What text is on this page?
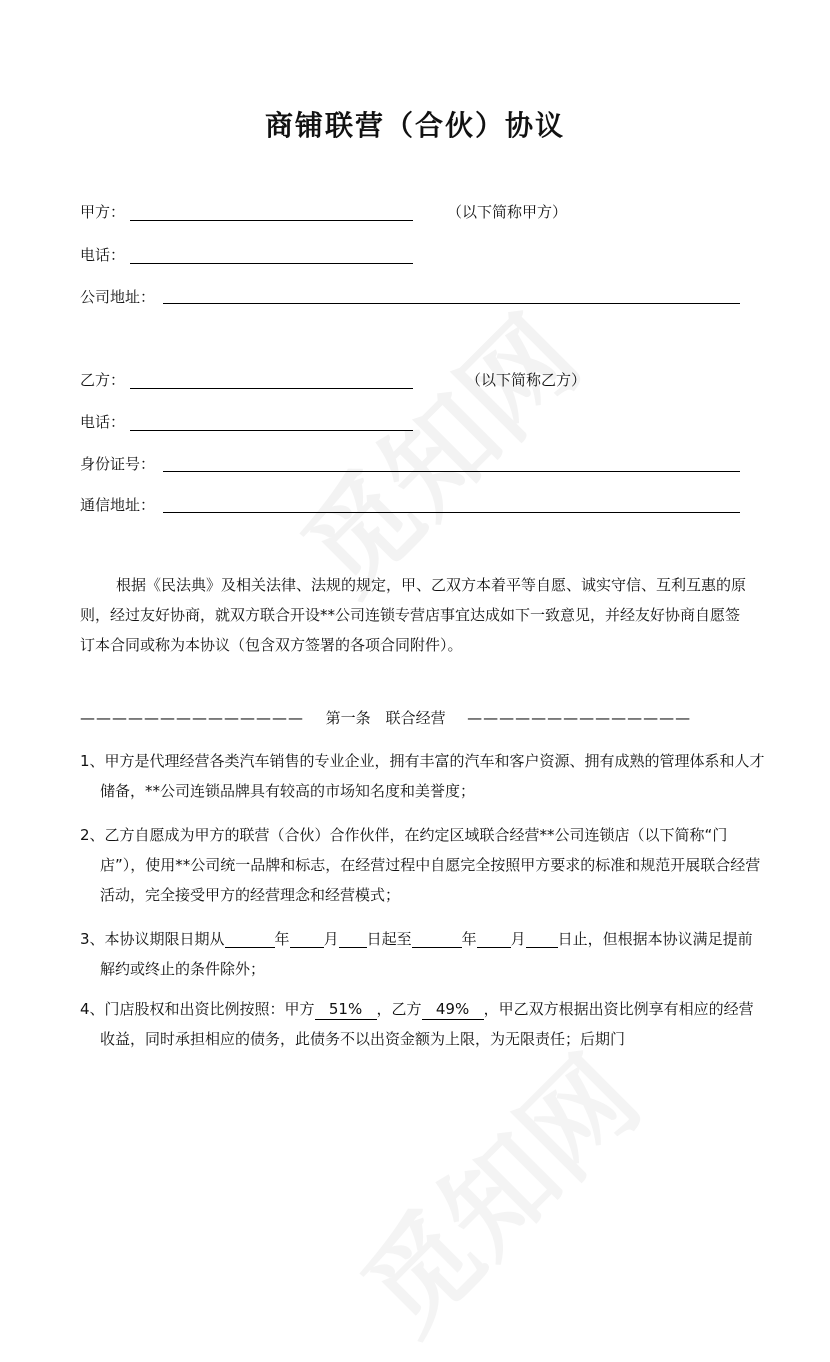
商铺联营（合伙）协议
甲方：	（以下简称甲方）
电话：
公司地址：
乙方：	（以下简称乙方）
电话：
身份证号：
通信地址：
根据《民法典》及相关法律、法规的规定，甲、乙双方本着平等自愿、诚实守信、互利互惠的原则，经过友好协商，就双方联合开设**公司连锁专营店事宜达成如下一致意见，并经友好协商自愿签订本合同或称为本协议（包含双方签署的各项合同附件）。
—————————————— 第一条　联合经营 ——————————————
1、甲方是代理经营各类汽车销售的专业企业，拥有丰富的汽车和客户资源、拥有成熟的管理体系和人才储备，**公司连锁品牌具有较高的市场知名度和美誉度；
2、乙方自愿成为甲方的联营（合伙）合作伙伴，在约定区域联合经营**公司连锁店（以下简称“门店”），使用**公司统一品牌和标志，在经营过程中自愿完全按照甲方要求的标准和规范开展联合经营活动，完全接受甲方的经营理念和经营模式；
3、本协议期限日期从	年 月 日起至	年 月 日止，但根据本协议满足提前解约或终止的条件除外；
4、门店股权和出资比例按照：甲方 51% ，乙方 49% ，甲乙双方根据出资比例享有相应的经营收益，同时承担相应的债务，此债务不以出资金额为上限，为无限责任；后期门
